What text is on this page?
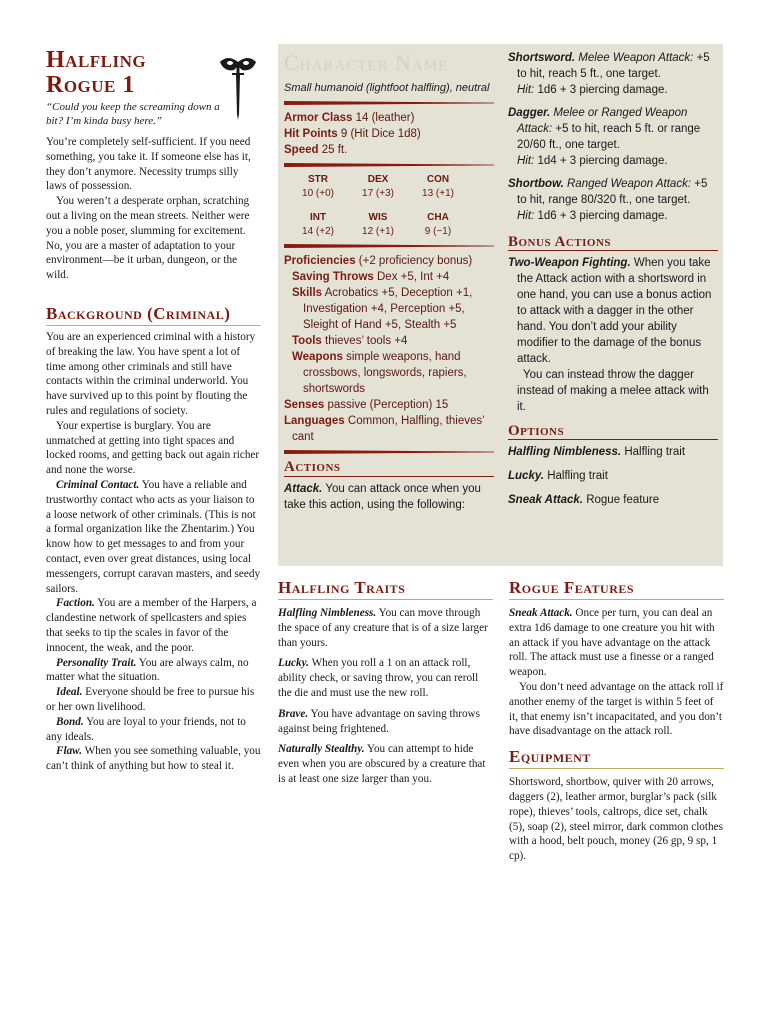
Halfling
Rogue 1
“Could you keep the screaming down a bit? I’m kinda busy here.”

You’re completely self-sufficient. If you need something, you take it. If someone else has it, they don’t anymore. Necessity trumps silly laws of possession.

You weren’t a desperate orphan, scratching out a living on the mean streets. Neither were you a noble poser, slumming for excitement. No, you are a master of adaptation to your environment—be it urban, dungeon, or the wild.

Background (Criminal)

You are an experienced criminal with a history of breaking the law. You have spent a lot of time among other criminals and still have contacts within the criminal underworld. You have survived up to this point by flouting the rules and regulations of society.

Your expertise is burglary. You are unmatched at getting into tight spaces and locked rooms, and getting back out again richer and none the worse.

Criminal Contact. You have a reliable and trustworthy contact who acts as your liaison to a loose network of other criminals. (This is not a formal organization like the Zhentarim.) You know how to get messages to and from your contact, even over great distances, using local messengers, corrupt caravan masters, and seedy sailors.

Faction. You are a member of the Harpers, a clandestine network of spellcasters and spies that seeks to tip the scales in favor of the innocent, the weak, and the poor.

Personality Trait. You are always calm, no matter what the situation.

Ideal. Everyone should be free to pursue his or her own livelihood.

Bond. You are loyal to your friends, not to any ideals.

Flaw. When you see something valuable, you can’t think of anything but how to steal it.

Character Name
Small humanoid (lightfoot halfling), neutral
Armor Class 14 (leather)
Hit Points 9 (Hit Dice 1d8)
Speed 25 ft.
STR	DEX	CON
10 (+0)	17 (+3)	13 (+1)
INT	WIS	CHA
14 (+2)	12 (+1)	9 (−1)
Proficiencies (+2 proficiency bonus)
Saving Throws Dex +5, Int +4
Skills Acrobatics +5, Deception +1, Investigation +4, Perception +5, Sleight of Hand +5, Stealth +5
Tools thieves’ tools +4
Weapons simple weapons, hand crossbows, longswords, rapiers, shortswords
Senses passive (Perception) 15
Languages Common, Halfling, thieves’ cant
Actions
Attack. You can attack once when you take this action, using the following:

Shortsword. Melee Weapon Attack: +5 to hit, reach 5 ft., one target.
Hit: 1d6 + 3 piercing damage.

Dagger. Melee or Ranged Weapon Attack: +5 to hit, reach 5 ft. or range 20/60 ft., one target.
Hit: 1d4 + 3 piercing damage.

Shortbow. Ranged Weapon Attack: +5 to hit, range 80/320 ft., one target.
Hit: 1d6 + 3 piercing damage.

Bonus Actions

Two-Weapon Fighting. When you take the Attack action with a shortsword in one hand, you can use a bonus action to attack with a dagger in the other hand. You don’t add your ability modifier to the damage of the bonus attack.

You can instead throw the dagger instead of making a melee attack with it.

Options

Halfling Nimbleness. Halfling trait

Lucky. Halfling trait

Sneak Attack. Rogue feature

Halfling Traits

Halfling Nimbleness. You can move through the space of any creature that is of a size larger than yours.

Lucky. When you roll a 1 on an attack roll, ability check, or saving throw, you can reroll the die and must use the new roll.

Brave. You have advantage on saving throws against being frightened.

Naturally Stealthy. You can attempt to hide even when you are obscured by a creature that is at least one size larger than you.

Rogue Features

Sneak Attack. Once per turn, you can deal an extra 1d6 damage to one creature you hit with an attack if you have advantage on the attack roll. The attack must use a finesse or a ranged weapon.

You don’t need advantage on the attack roll if another enemy of the target is within 5 feet of it, that enemy isn’t incapacitated, and you don’t have disadvantage on the attack roll.

Equipment

Shortsword, shortbow, quiver with 20 arrows, daggers (2), leather armor, burglar’s pack (silk rope), thieves’ tools, caltrops, dice set, chalk (5), soap (2), steel mirror, dark common clothes with a hood, belt pouch, money (26 gp, 9 sp, 1 cp).
